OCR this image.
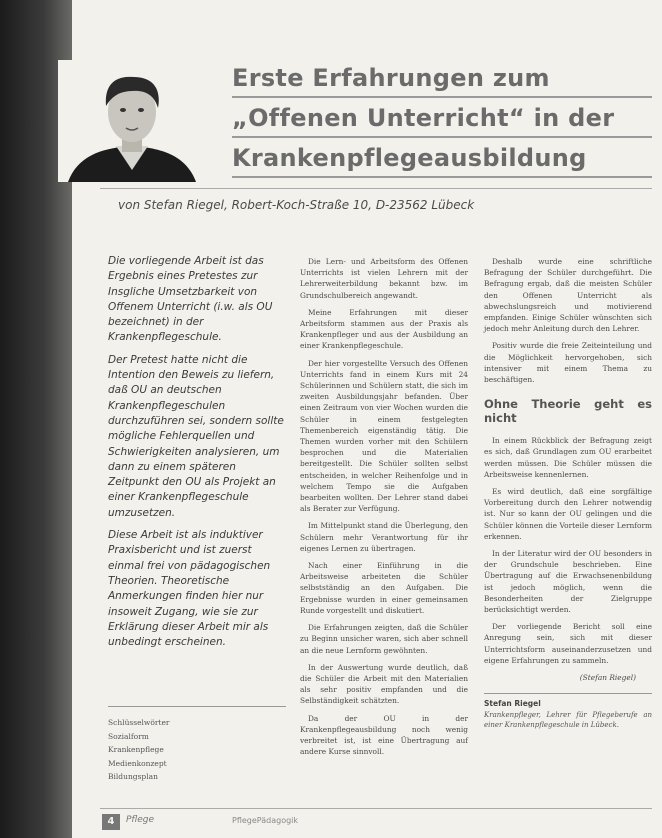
Erste Erfahrungen zum
„Offenen Unterricht“ in der
Krankenpflegeausbildung
von Stefan Riegel, Robert-Koch-Straße 10, D-23562 Lübeck

Die vorliegende Arbeit ist das Ergebnis eines Pretestes zur Insgliche Umsetzbarkeit von Offenem Unterricht (i.w. als OU bezeichnet) in der Krankenpflegeschule.

Der Pretest hatte nicht die Intention den Beweis zu liefern, daß OU an deutschen Krankenpflegeschulen durchzuführen sei, sondern sollte mögliche Fehlerquellen und Schwierigkeiten analysieren, um dann zu einem späteren Zeitpunkt den OU als Projekt an einer Krankenpflegeschule umzusetzen.

Diese Arbeit ist als induktiver Praxisbericht und ist zuerst einmal frei von pädagogischen Theorien. Theoretische Anmerkungen finden hier nur insoweit Zugang, wie sie zur Erklärung dieser Arbeit mir als unbedingt erscheinen.

Schlüsselwörter
Sozialform
Krankenpflege
Medienkonzept
Bildungsplan

Die Lern- und Arbeitsform des Offenen Unterrichts ist vielen Lehrern mit der Lehrerweiterbildung bekannt bzw. im Grundschulbereich angewandt.

Meine Erfahrungen mit dieser Arbeitsform stammen aus der Praxis als Krankenpfleger und aus der Ausbildung an einer Krankenpflegeschule.

Der hier vorgestellte Versuch des Offenen Unterrichts fand in einem Kurs mit 24 Schülerinnen und Schülern statt, die sich im zweiten Ausbildungsjahr befanden. Über einen Zeitraum von vier Wochen wurden die Schüler in einem festgelegten Themenbereich eigenständig tätig. Die Themen wurden vorher mit den Schülern besprochen und die Materialien bereitgestellt. Die Schüler sollten selbst entscheiden, in welcher Reihenfolge und in welchem Tempo sie die Aufgaben bearbeiten wollten. Der Lehrer stand dabei als Berater zur Verfügung.

Im Mittelpunkt stand die Überlegung, den Schülern mehr Verantwortung für ihr eigenes Lernen zu übertragen.

Nach einer Einführung in die Arbeitsweise arbeiteten die Schüler selbstständig an den Aufgaben. Die Ergebnisse wurden in einer gemeinsamen Runde vorgestellt und diskutiert.

Die Erfahrungen zeigten, daß die Schüler zu Beginn unsicher waren, sich aber schnell an die neue Lernform gewöhnten.

In der Auswertung wurde deutlich, daß die Schüler die Arbeit mit den Materialien als sehr positiv empfanden und die Selbständigkeit schätzten.

Da der OU in der Krankenpflegeausbildung noch wenig verbreitet ist, ist eine Übertragung auf andere Kurse sinnvoll.

Deshalb wurde eine schriftliche Befragung der Schüler durchgeführt. Die Befragung ergab, daß die meisten Schüler den Offenen Unterricht als abwechslungsreich und motivierend empfanden. Einige Schüler wünschten sich jedoch mehr Anleitung durch den Lehrer.

Positiv wurde die freie Zeiteinteilung und die Möglichkeit hervorgehoben, sich intensiver mit einem Thema zu beschäftigen.

Ohne Theorie geht es nicht

In einem Rückblick der Befragung zeigt es sich, daß Grundlagen zum OU erarbeitet werden müssen. Die Schüler müssen die Arbeitsweise kennenlernen.

Es wird deutlich, daß eine sorgfältige Vorbereitung durch den Lehrer notwendig ist. Nur so kann der OU gelingen und die Schüler können die Vorteile dieser Lernform erkennen.

In der Literatur wird der OU besonders in der Grundschule beschrieben. Eine Übertragung auf die Erwachsenenbildung ist jedoch möglich, wenn die Besonderheiten der Zielgruppe berücksichtigt werden.

Der vorliegende Bericht soll eine Anregung sein, sich mit dieser Unterrichtsform auseinanderzusetzen und eigene Erfahrungen zu sammeln.

(Stefan Riegel)
Stefan Riegel
Krankenpfleger, Lehrer für Pflegeberufe an einer Krankenpflegeschule in Lübeck.
4	Pflege	PflegePädagogik
